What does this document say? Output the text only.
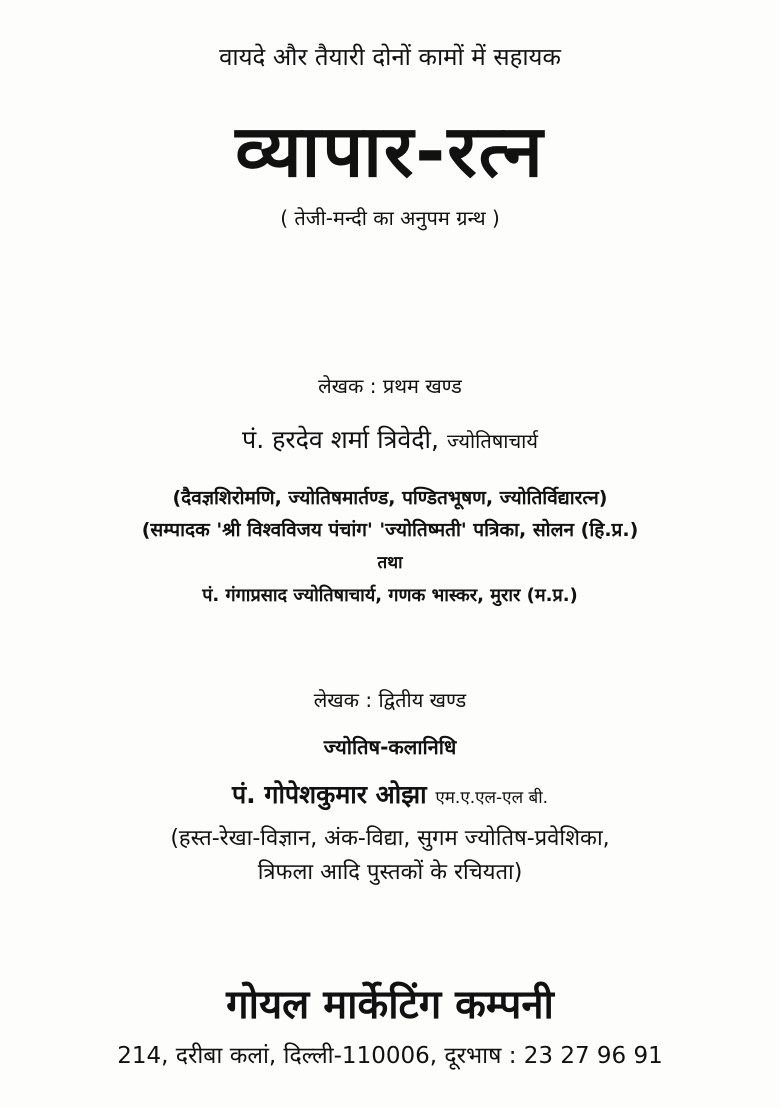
वायदे और तैयारी दोनों कामों में सहायक
व्यापार-रत्न
( तेजी-मन्दी का अनुपम ग्रन्थ )
लेखक : प्रथम खण्ड
पं. हरदेव शर्मा त्रिवेदी, ज्योतिषाचार्य
(दैवज्ञशिरोमणि, ज्योतिषमार्तण्ड, पण्डितभूषण, ज्योतिर्विद्यारत्न)
(सम्पादक 'श्री विश्वविजय पंचांग' 'ज्योतिष्मती' पत्रिका, सोलन (हि.प्र.)
तथा
पं. गंगाप्रसाद ज्योतिषाचार्य, गणक भास्कर, मुरार (म.प्र.)
लेखक : द्वितीय खण्ड
ज्योतिष-कलानिधि
पं. गोपेशकुमार ओझा एम.ए.एल-एल बी.
(हस्त-रेखा-विज्ञान, अंक-विद्या, सुगम ज्योतिष-प्रवेशिका,
त्रिफला आदि पुस्तकों के रचियता)
गोयल मार्केटिंग कम्पनी
214, दरीबा कलां, दिल्ली-110006, दूरभाष : 23 27 96 91
